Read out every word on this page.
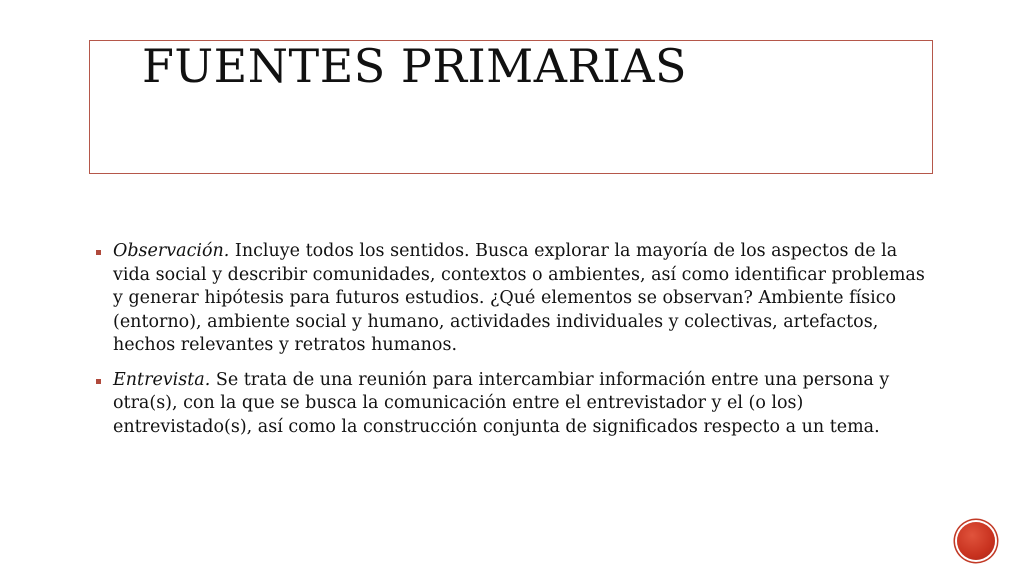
FUENTES PRIMARIAS

Observación. Incluye todos los sentidos. Busca explorar la mayoría de los aspectos de la vida social y describir comunidades, contextos o ambientes, así como identificar problemas y generar hipótesis para futuros estudios. ¿Qué elementos se observan? Ambiente físico (entorno), ambiente social y humano, actividades individuales y colectivas, artefactos, hechos relevantes y retratos humanos.

Entrevista. Se trata de una reunión para intercambiar información entre una persona y otra(s), con la que se busca la comunicación entre el entrevistador y el (o los) entrevistado(s), así como la construcción conjunta de significados respecto a un tema.
